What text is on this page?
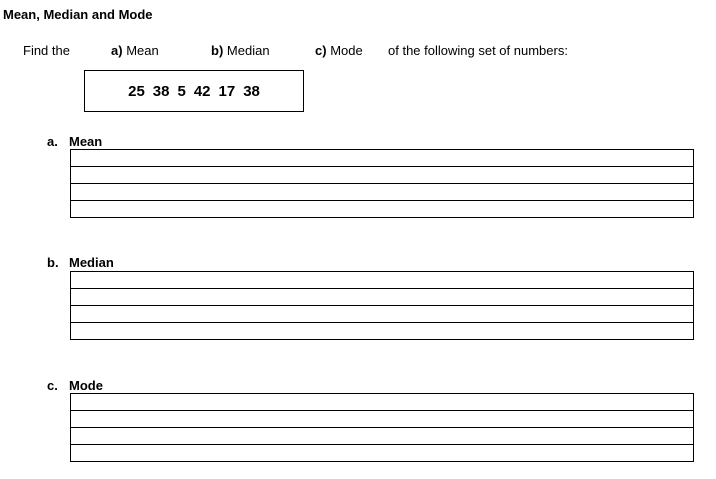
Mean, Median and Mode
Find the	a) Mean	b) Median	c) Mode of the following set of numbers:
25 38 5 42 17 38
a. Mean

b. Median

c. Mode
